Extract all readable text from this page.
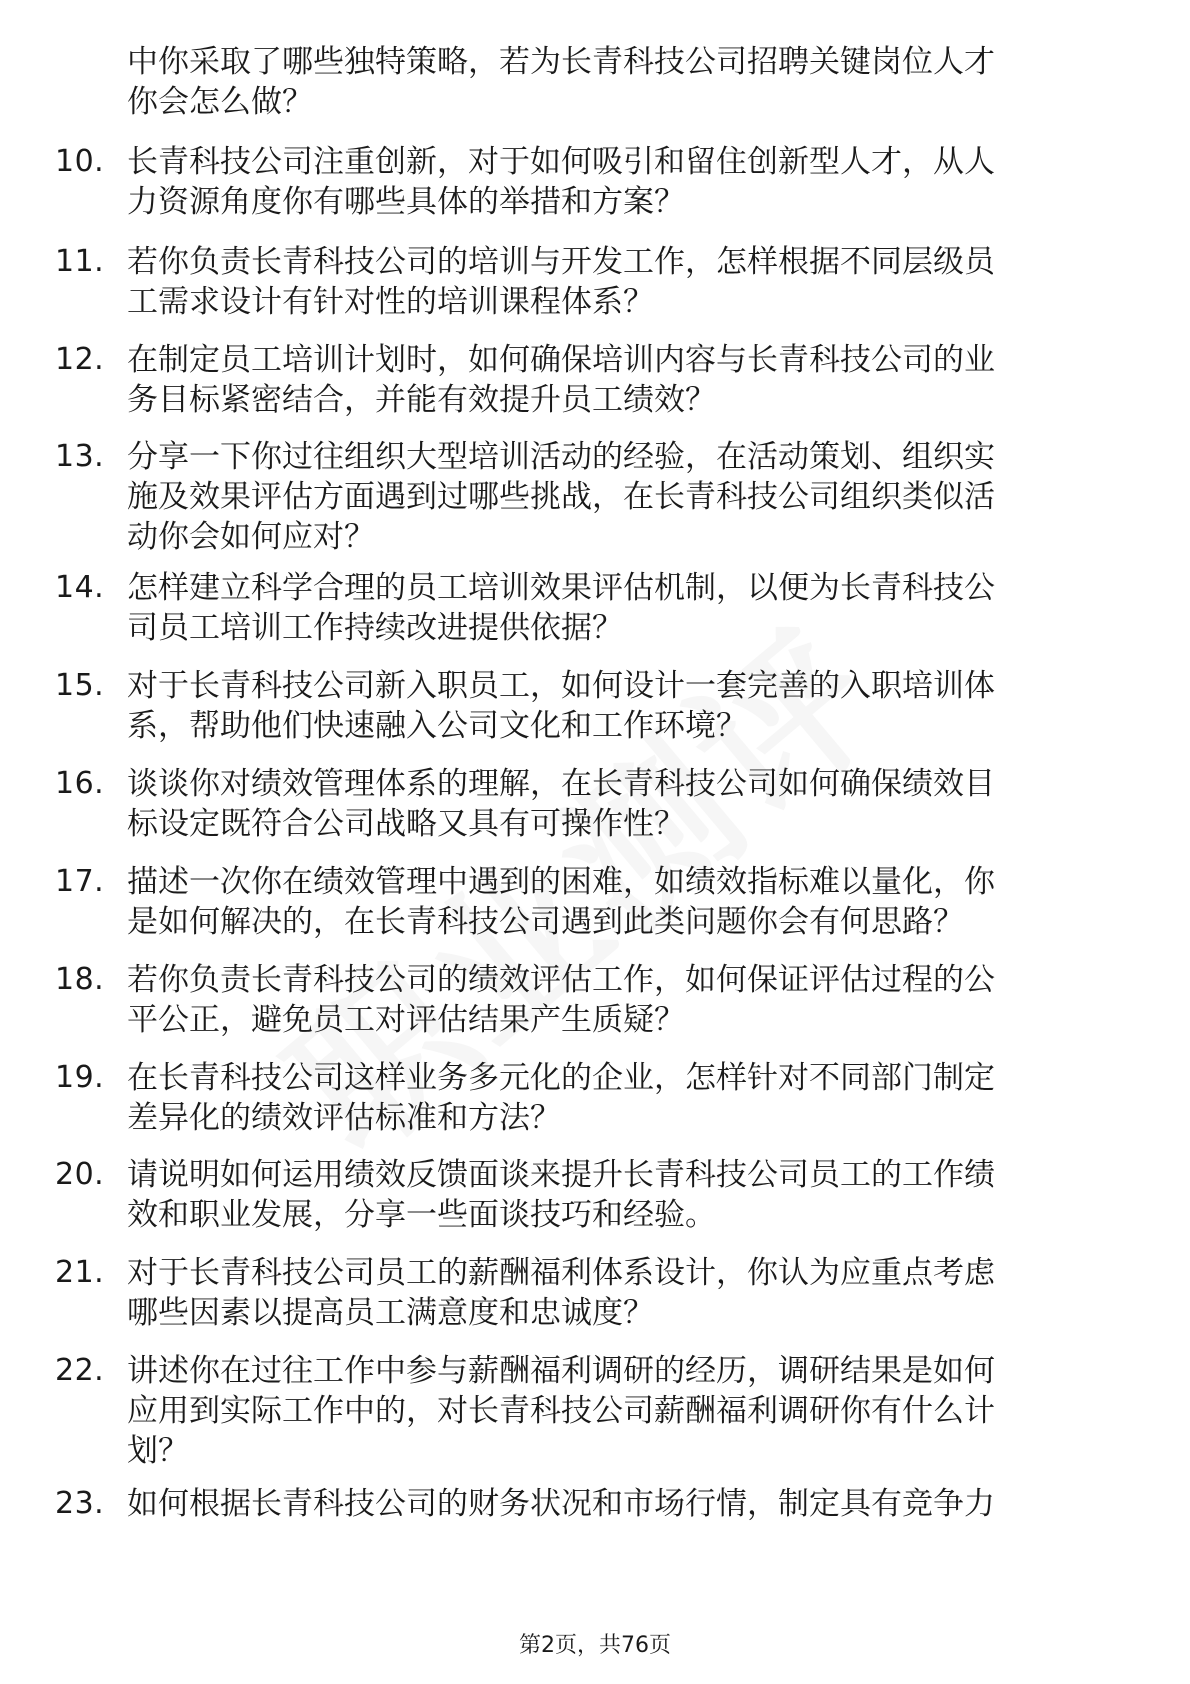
中你采取了哪些独特策略，若为长青科技公司招聘关键岗位人才
你会怎么做？
10. 长青科技公司注重创新，对于如何吸引和留住创新型人才，从人
力资源角度你有哪些具体的举措和方案？
11. 若你负责长青科技公司的培训与开发工作，怎样根据不同层级员
工需求设计有针对性的培训课程体系？
12. 在制定员工培训计划时，如何确保培训内容与长青科技公司的业
务目标紧密结合，并能有效提升员工绩效？
13. 分享一下你过往组织大型培训活动的经验，在活动策划、组织实
施及效果评估方面遇到过哪些挑战，在长青科技公司组织类似活
动你会如何应对？
14. 怎样建立科学合理的员工培训效果评估机制，以便为长青科技公
司员工培训工作持续改进提供依据？
15. 对于长青科技公司新入职员工，如何设计一套完善的入职培训体
系，帮助他们快速融入公司文化和工作环境？
16. 谈谈你对绩效管理体系的理解，在长青科技公司如何确保绩效目
标设定既符合公司战略又具有可操作性？
17. 描述一次你在绩效管理中遇到的困难，如绩效指标难以量化，你
是如何解决的，在长青科技公司遇到此类问题你会有何思路？
18. 若你负责长青科技公司的绩效评估工作，如何保证评估过程的公
平公正，避免员工对评估结果产生质疑？
19. 在长青科技公司这样业务多元化的企业，怎样针对不同部门制定
差异化的绩效评估标准和方法？
20. 请说明如何运用绩效反馈面谈来提升长青科技公司员工的工作绩
效和职业发展，分享一些面谈技巧和经验。
21. 对于长青科技公司员工的薪酬福利体系设计，你认为应重点考虑
哪些因素以提高员工满意度和忠诚度？
22. 讲述你在过往工作中参与薪酬福利调研的经历，调研结果是如何
应用到实际工作中的，对长青科技公司薪酬福利调研你有什么计
划？
23. 如何根据长青科技公司的财务状况和市场行情，制定具有竞争力
第2页，共76页
